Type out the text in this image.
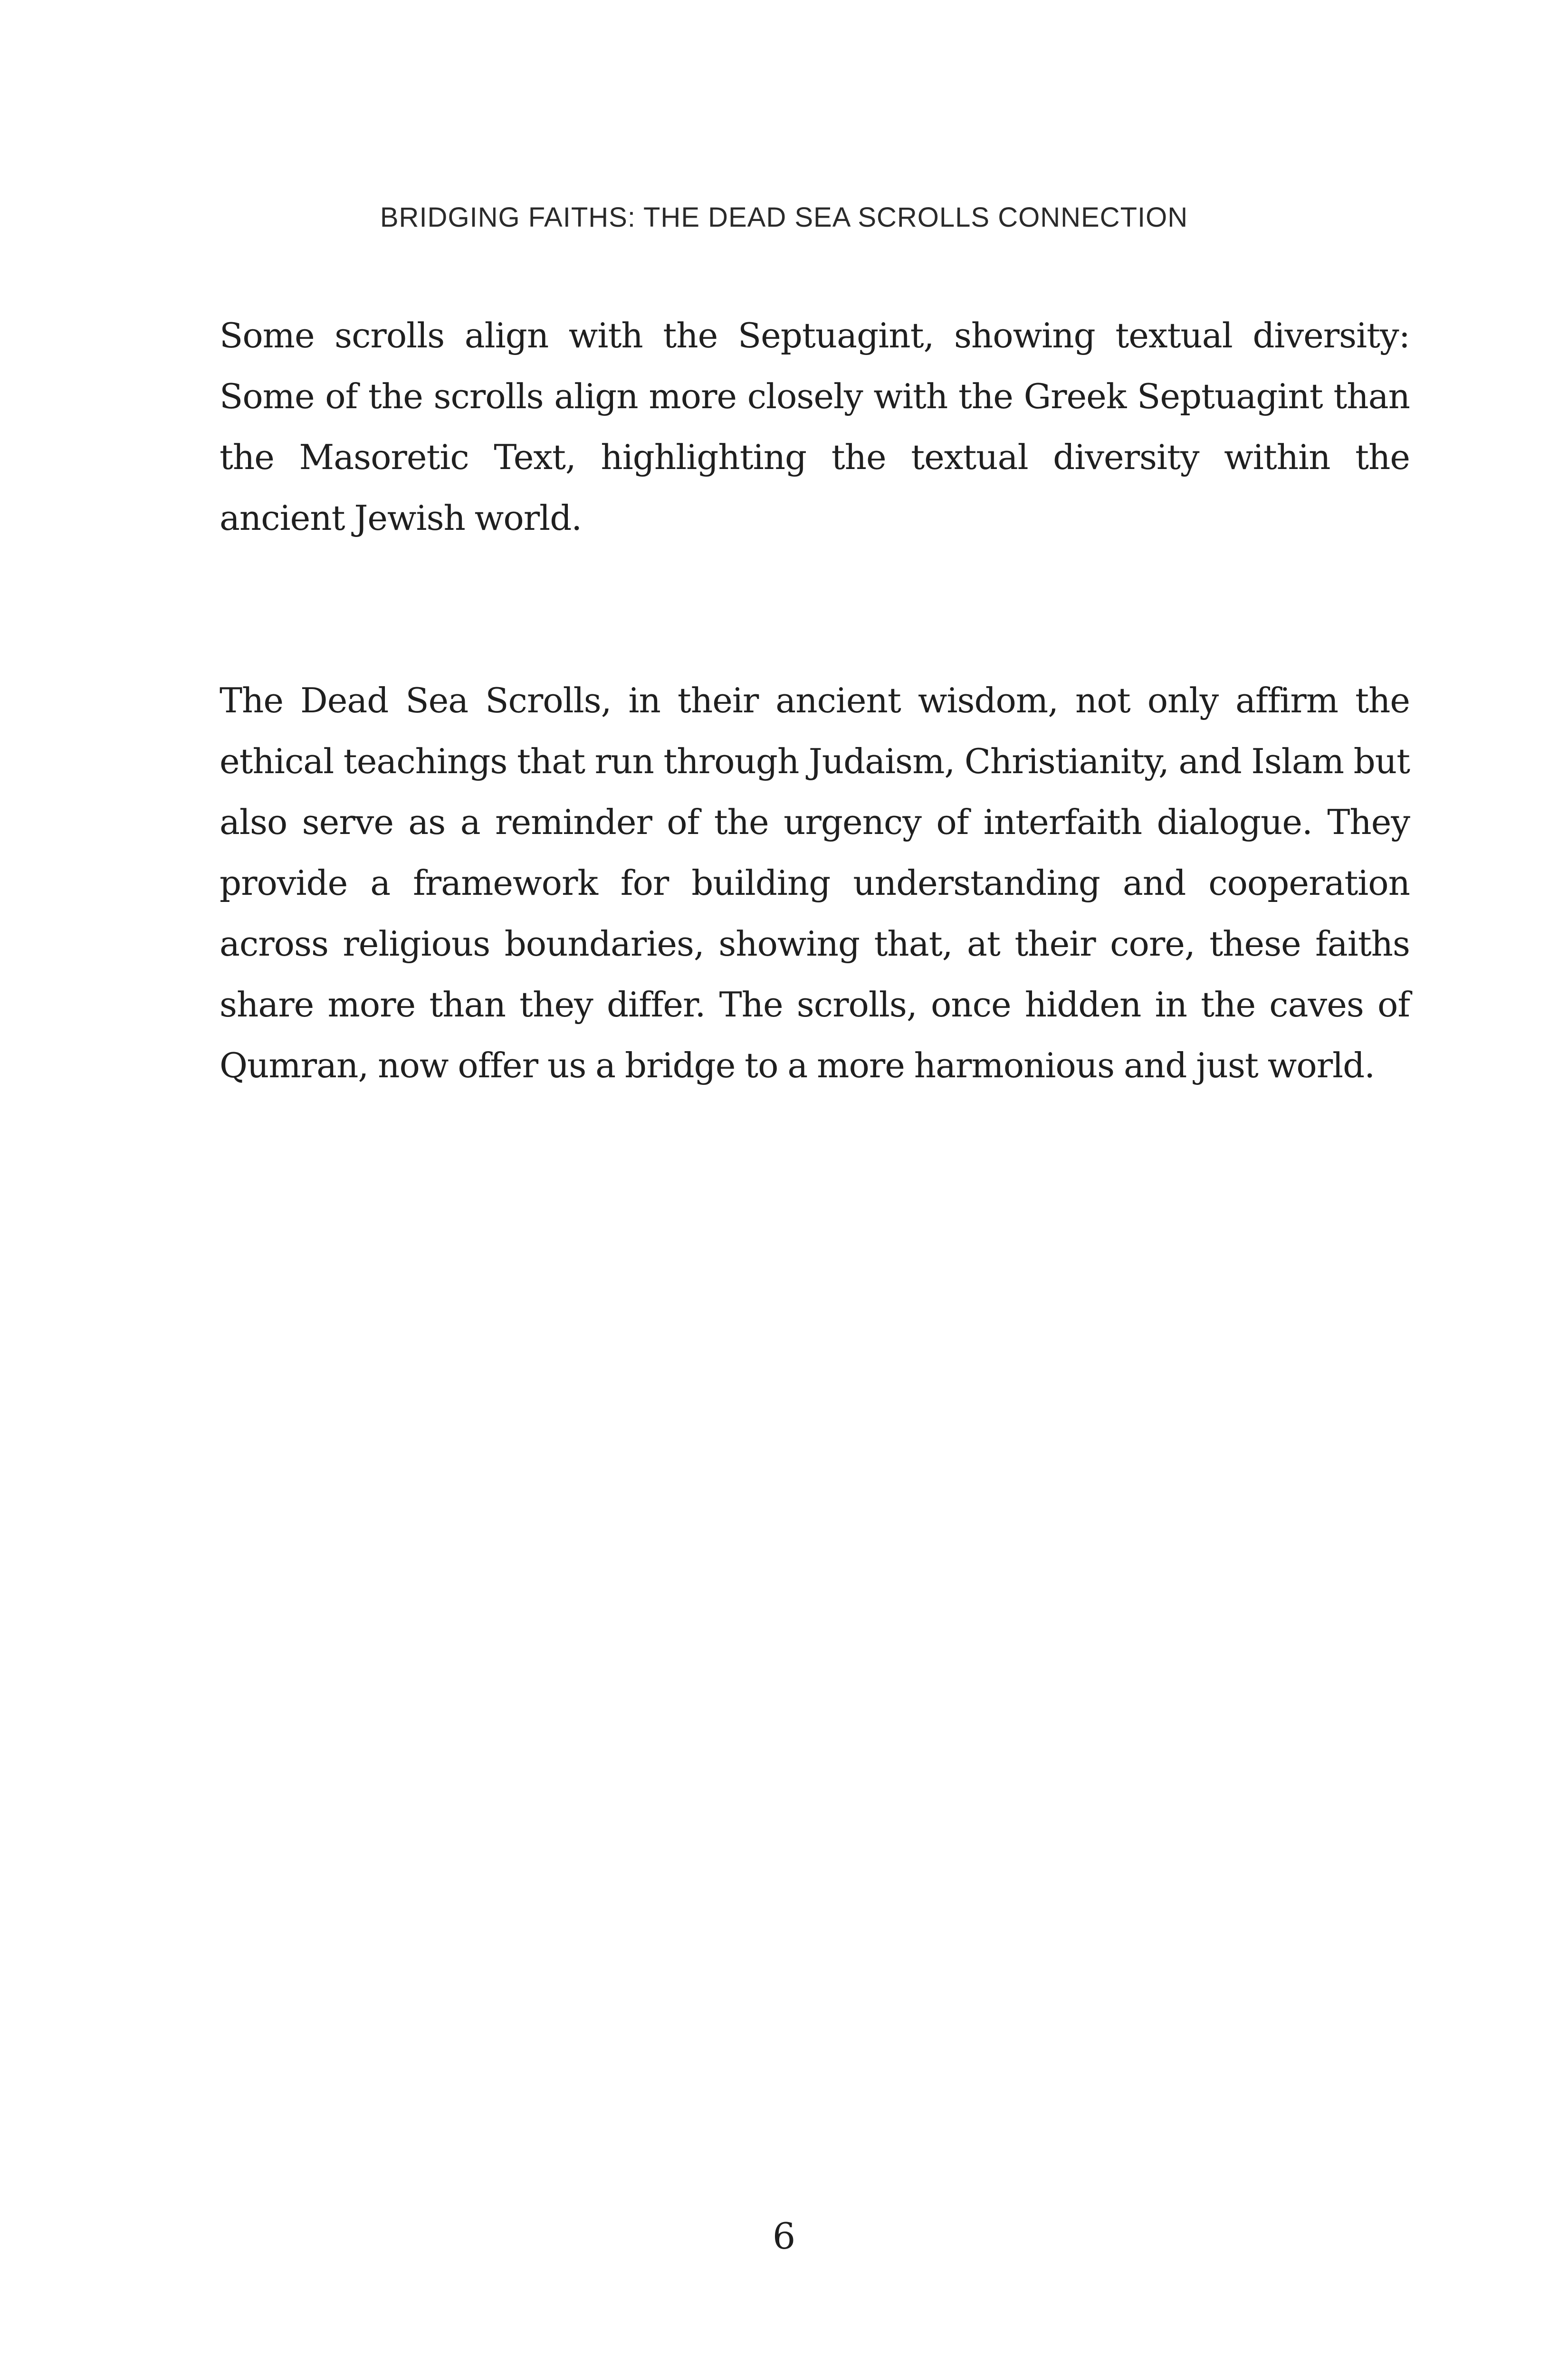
BRIDGING FAITHS: THE DEAD SEA SCROLLS CONNECTION

Some scrolls align with the Septuagint, showing textual diversity: Some of the scrolls align more closely with the Greek Septuagint than the Masoretic Text, highlighting the textual diversity within the ancient Jewish world.

The Dead Sea Scrolls, in their ancient wisdom, not only affirm the ethical teachings that run through Judaism, Christianity, and Islam but also serve as a reminder of the urgency of interfaith dialogue. They provide a framework for building understanding and cooperation across religious boundaries, showing that, at their core, these faiths share more than they differ. The scrolls, once hidden in the caves of Qumran, now offer us a bridge to a more harmonious and just world.

6
